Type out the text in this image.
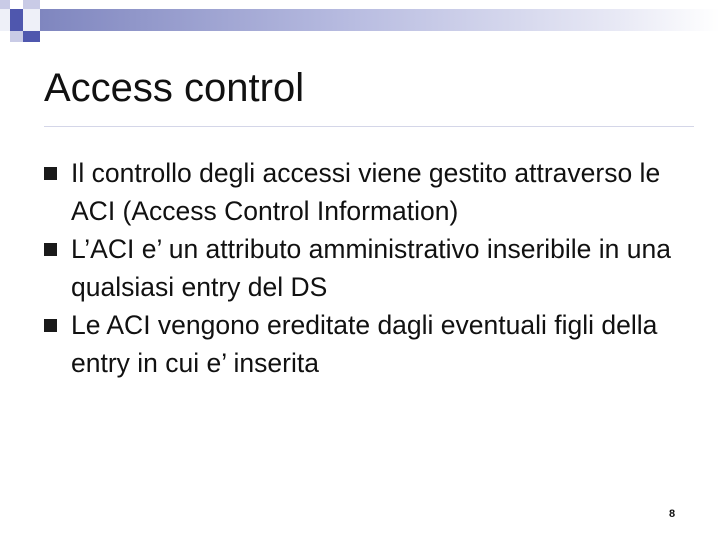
Access control
Il controllo degli accessi viene gestito attraverso le ACI (Access Control Information)
L’ACI e’ un attributo amministrativo inseribile in una qualsiasi entry del DS
Le ACI vengono ereditate dagli eventuali figli della entry in cui e’ inserita
8
